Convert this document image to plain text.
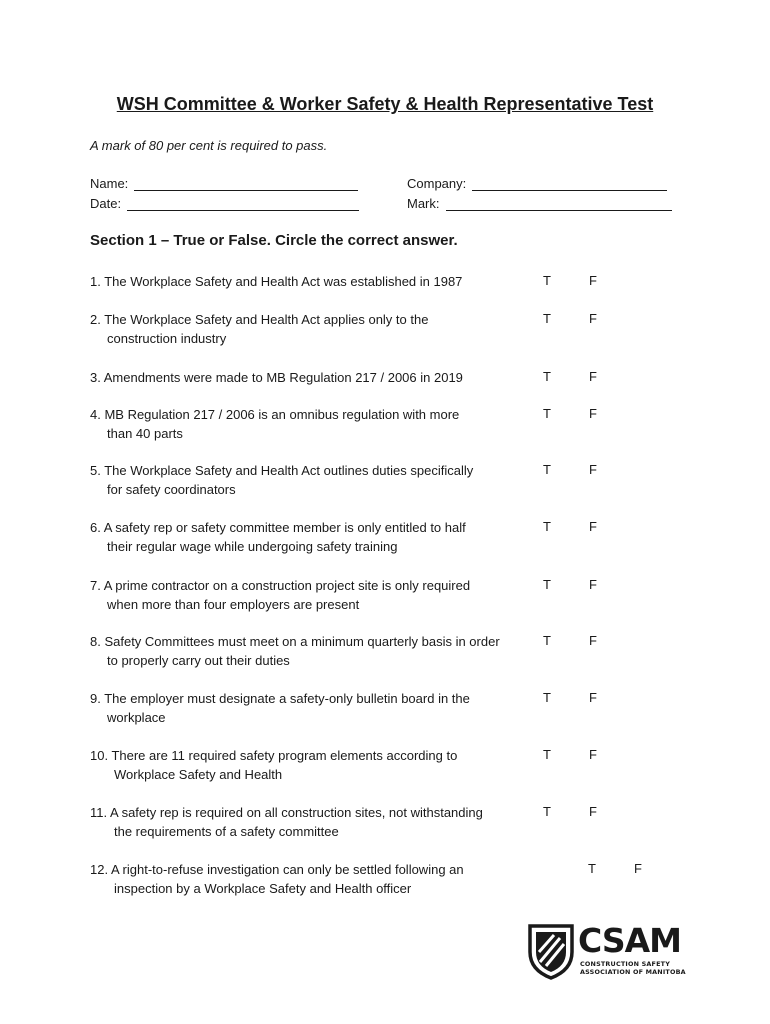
WSH Committee & Worker Safety & Health Representative Test
A mark of 80 per cent is required to pass.
Name:
Date:
Company:
Mark:
Section 1 – True or False. Circle the correct answer.
1. The Workplace Safety and Health Act was established in 1987	T	F
2. The Workplace Safety and Health Act applies only to the
construction industry
T	F
3. Amendments were made to MB Regulation 217 / 2006 in 2019	T	F
4. MB Regulation 217 / 2006 is an omnibus regulation with more
than 40 parts
T	F
5. The Workplace Safety and Health Act outlines duties specifically
for safety coordinators
T	F
6. A safety rep or safety committee member is only entitled to half
their regular wage while undergoing safety training
T	F
7. A prime contractor on a construction project site is only required
when more than four employers are present
T	F
8. Safety Committees must meet on a minimum quarterly basis in order
to properly carry out their duties
T	F
9. The employer must designate a safety-only bulletin board in the
workplace
T	F
10. There are 11 required safety program elements according to
Workplace Safety and Health
T	F
11. A safety rep is required on all construction sites, not withstanding
the requirements of a safety committee
T	F
12. A right-to-refuse investigation can only be settled following an
inspection by a Workplace Safety and Health officer
T	F
CSAM
CONSTRUCTION SAFETY
ASSOCIATION OF MANITOBA
